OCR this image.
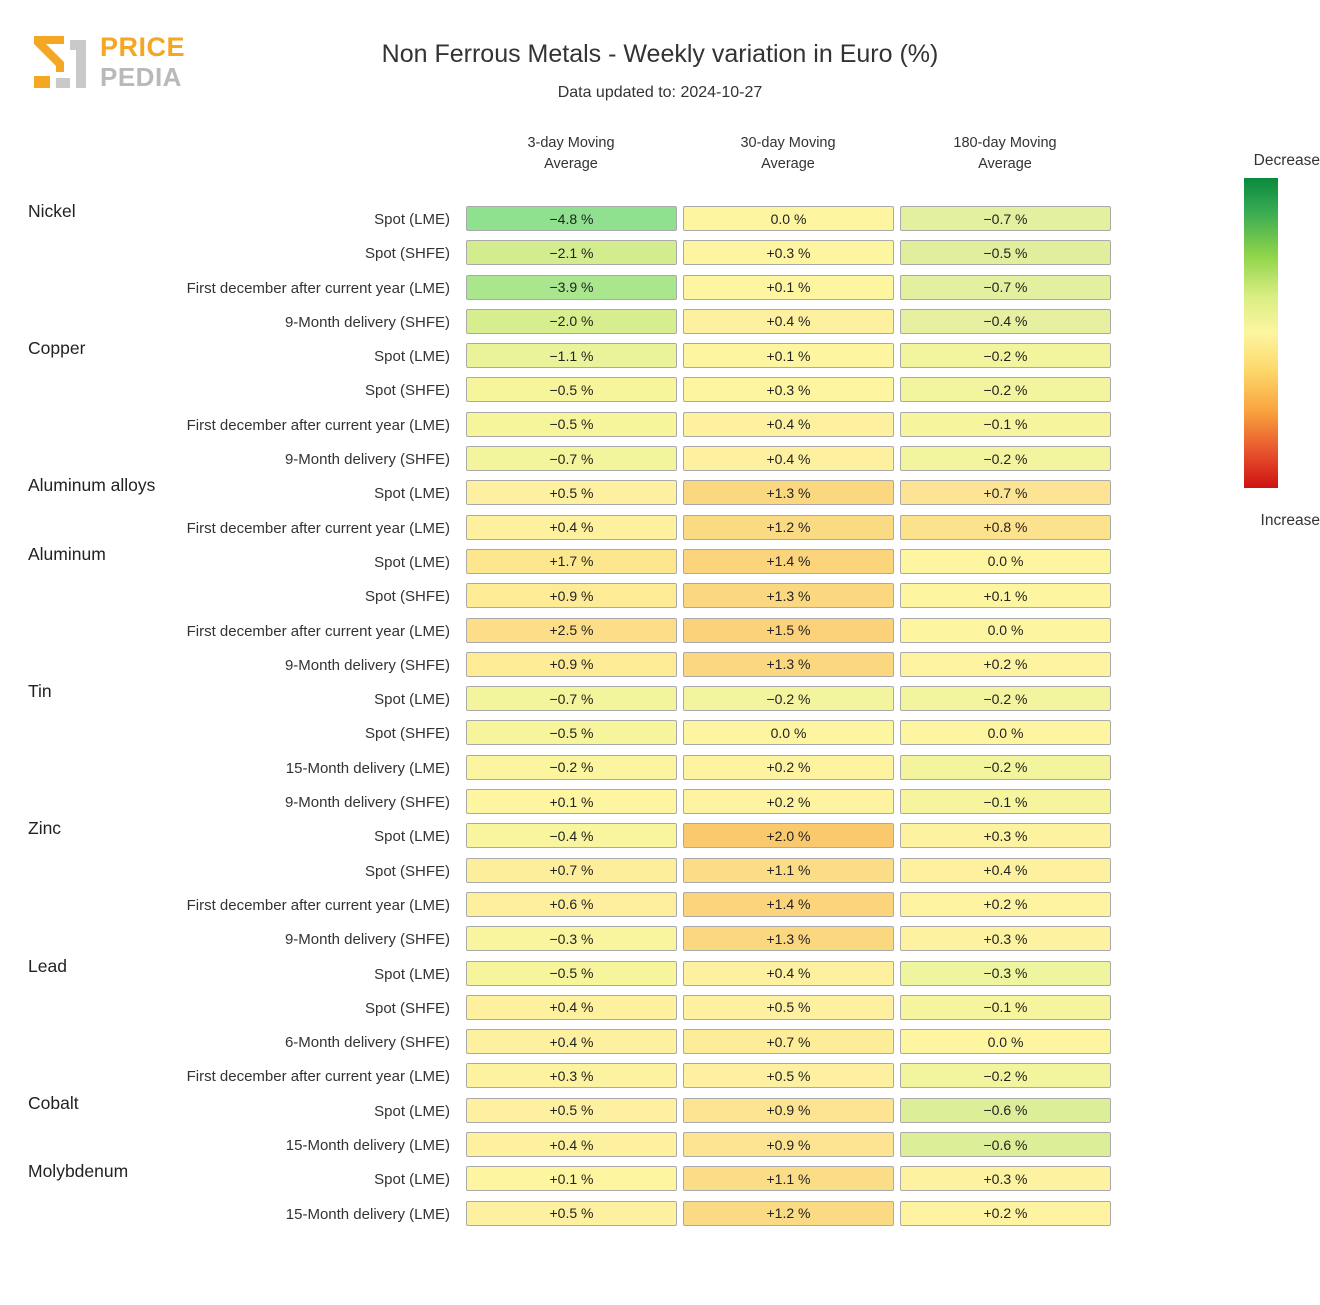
PRICE
PEDIA
Non Ferrous Metals - Weekly variation in Euro (%)
Data updated to: 2024-10-27
3-day Moving
Average
30-day Moving
Average
180-day Moving
Average
Nickel	Spot (LME)	−4.8 %	0.0 %	−0.7 %
Spot (SHFE)	−2.1 %	+0.3 %	−0.5 %
First december after current year (LME)	−3.9 %	+0.1 %	−0.7 %
9-Month delivery (SHFE)	−2.0 %	+0.4 %	−0.4 %
Copper	Spot (LME)	−1.1 %	+0.1 %	−0.2 %
Spot (SHFE)	−0.5 %	+0.3 %	−0.2 %
First december after current year (LME)	−0.5 %	+0.4 %	−0.1 %
9-Month delivery (SHFE)	−0.7 %	+0.4 %	−0.2 %
Aluminum alloys	Spot (LME)	+0.5 %	+1.3 %	+0.7 %
First december after current year (LME)	+0.4 %	+1.2 %	+0.8 %
Aluminum	Spot (LME)	+1.7 %	+1.4 %	0.0 %
Spot (SHFE)	+0.9 %	+1.3 %	+0.1 %
First december after current year (LME)	+2.5 %	+1.5 %	0.0 %
9-Month delivery (SHFE)	+0.9 %	+1.3 %	+0.2 %
Tin	Spot (LME)	−0.7 %	−0.2 %	−0.2 %
Spot (SHFE)	−0.5 %	0.0 %	0.0 %
15-Month delivery (LME)	−0.2 %	+0.2 %	−0.2 %
9-Month delivery (SHFE)	+0.1 %	+0.2 %	−0.1 %
Zinc	Spot (LME)	−0.4 %	+2.0 %	+0.3 %
Spot (SHFE)	+0.7 %	+1.1 %	+0.4 %
First december after current year (LME)	+0.6 %	+1.4 %	+0.2 %
9-Month delivery (SHFE)	−0.3 %	+1.3 %	+0.3 %
Lead	Spot (LME)	−0.5 %	+0.4 %	−0.3 %
Spot (SHFE)	+0.4 %	+0.5 %	−0.1 %
6-Month delivery (SHFE)	+0.4 %	+0.7 %	0.0 %
First december after current year (LME)	+0.3 %	+0.5 %	−0.2 %
Cobalt	Spot (LME)	+0.5 %	+0.9 %	−0.6 %
15-Month delivery (LME)	+0.4 %	+0.9 %	−0.6 %
Molybdenum	Spot (LME)	+0.1 %	+1.1 %	+0.3 %
15-Month delivery (LME)	+0.5 %	+1.2 %	+0.2 %
Decrease
Increase
